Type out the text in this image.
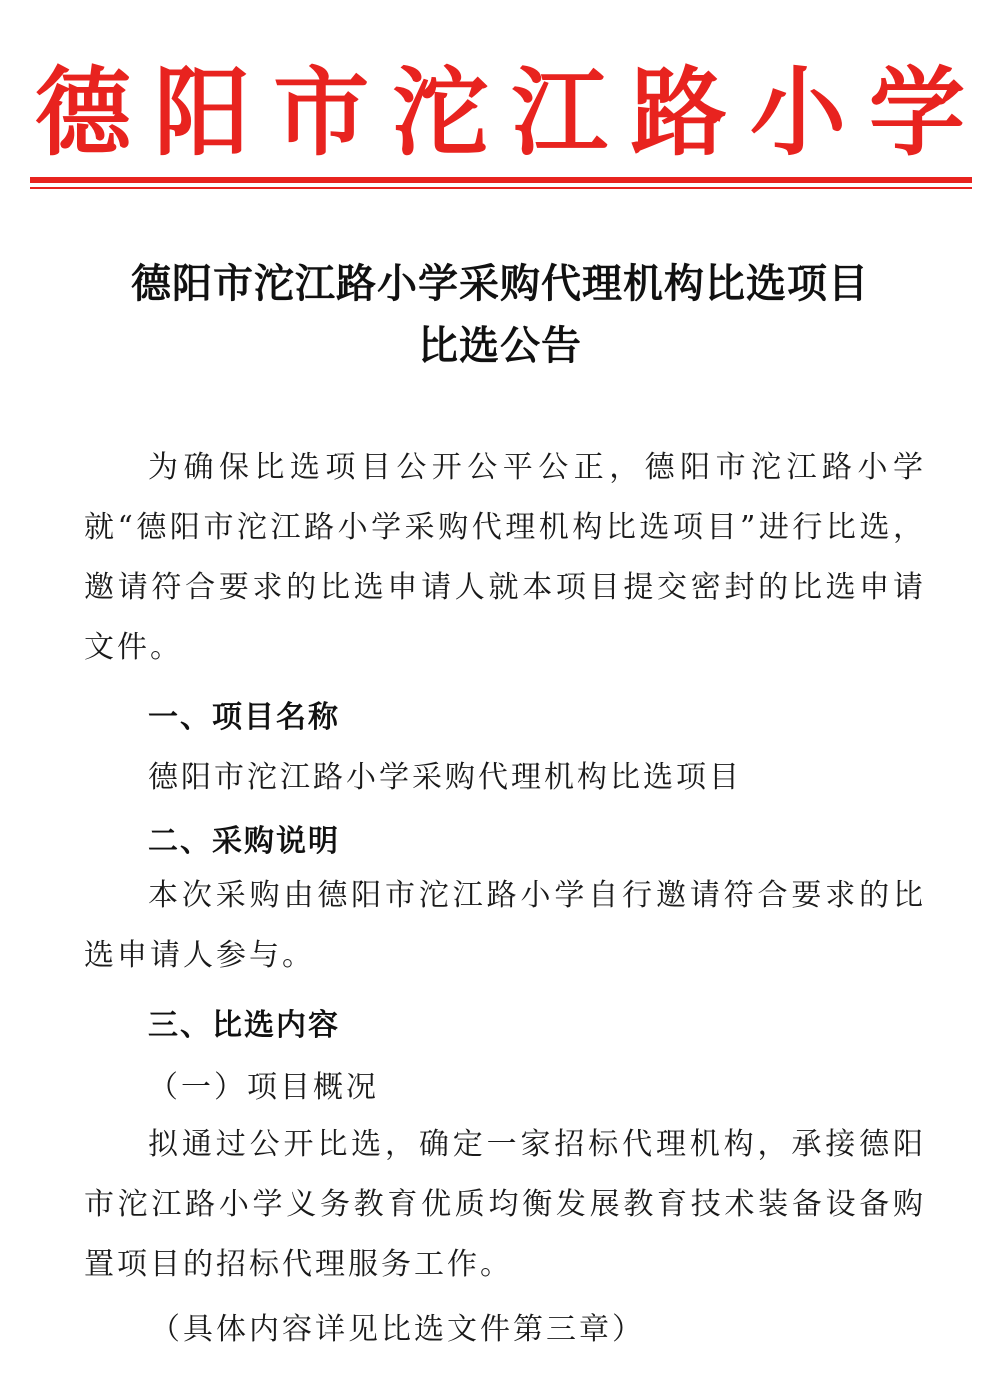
德 阳 市 沱 江 路 小 学
德阳市沱江路小学采购代理机构比选项目
比选公告
为确保比选项目公开公平公正，德阳市沱江路小学就“德阳市沱江路小学采购代理机构比选项目”进行比选，邀请符合要求的比选申请人就本项目提交密封的比选申请文件。
一、项目名称
德阳市沱江路小学采购代理机构比选项目
二、采购说明
本次采购由德阳市沱江路小学自行邀请符合要求的比选申请人参与。
三、比选内容
（一）项目概况
拟通过公开比选，确定一家招标代理机构，承接德阳市沱江路小学义务教育优质均衡发展教育技术装备设备购置项目的招标代理服务工作。
（具体内容详见比选文件第三章）
